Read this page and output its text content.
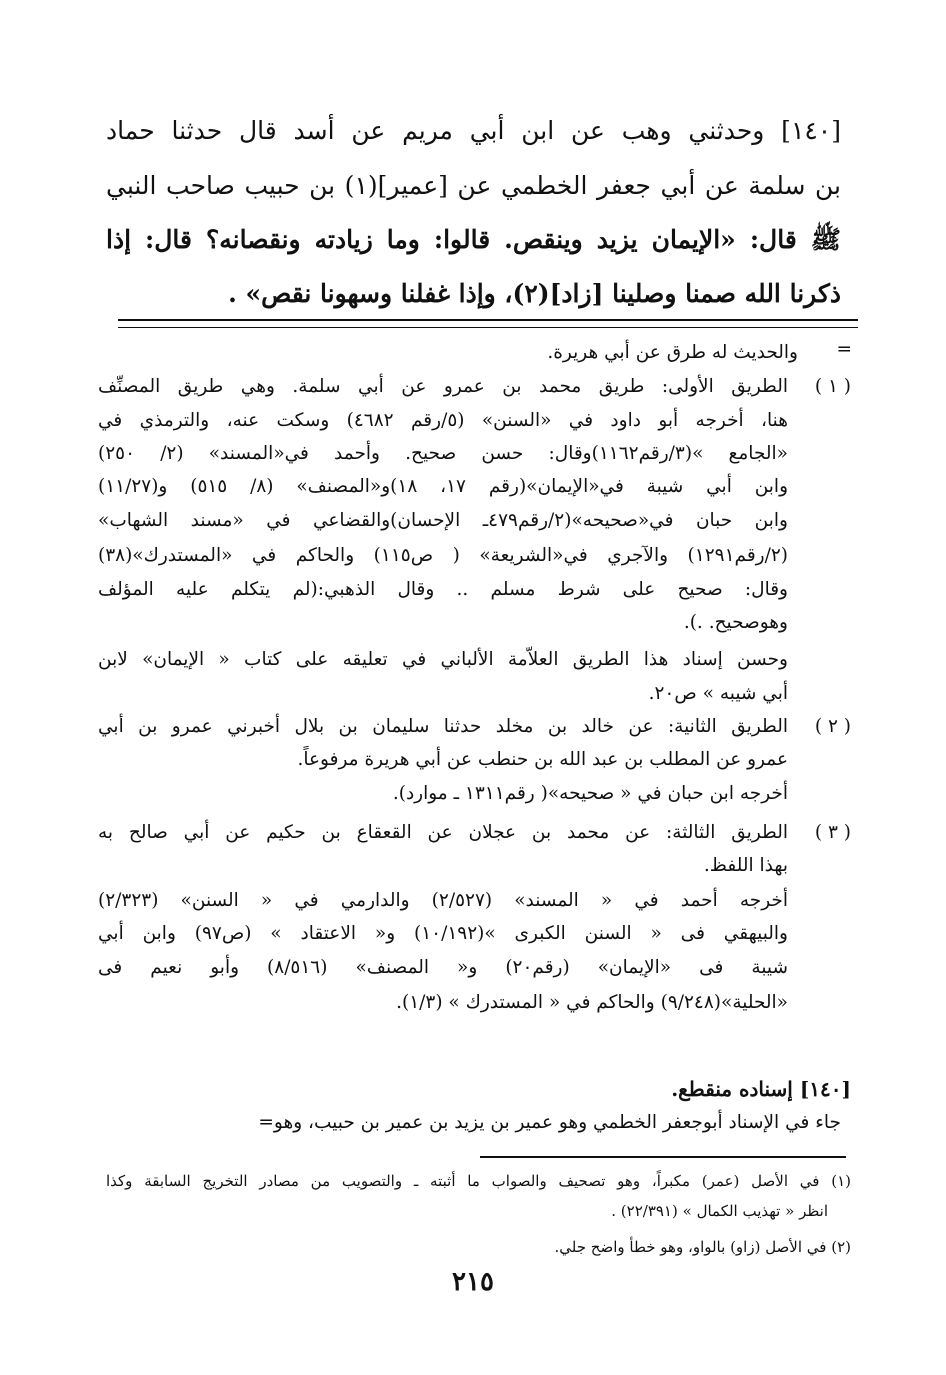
[١٤٠] وحدثني وهب عن ابن أبي مريم عن أسد قال حدثنا حماد
بن سلمة عن أبي جعفر الخطمي عن [عمير](١) بن حبيب صاحب النبي
ﷺ قال: «الإيمان يزيد وينقص. قالوا: وما زيادته ونقصانه؟ قال: إذا
ذكرنا الله صمنا وصلينا [زاد](٢)، وإذا غفلنا وسهونا نقص» .
=
والحديث له طرق عن أبي هريرة.
( ١ )
الطريق الأولى: طريق محمد بن عمرو عن أبي سلمة. وهي طريق المصنِّف
هنا، أخرجه أبو داود في «السنن» (٥/رقم ٤٦٨٢) وسكت عنه، والترمذي في
«الجامع »(٣/رقم١١٦٢)وقال: حسن صحيح. وأحمد في«المسند» (٢/ ٢٥٠)
وابن أبي شيبة في«الإيمان»(رقم ١٧، ١٨)و«المصنف» (٨/ ٥١٥) و(١١/٢٧)
وابن حبان في«صحيحه»(٢/رقم٤٧٩ـ الإحسان)والقضاعي في «مسند الشهاب»
(٢/رقم١٢٩١) والآجري في«الشريعة» ( ص١١٥) والحاكم في «المستدرك»(٣٨)
وقال: صحيح على شرط مسلم .. وقال الذهبي:(لم يتكلم عليه المؤلف
وهوصحيح. .).
وحسن إسناد هذا الطريق العلاّمة الألباني في تعليقه على كتاب « الإيمان» لابن
أبي شيبه » ص٢٠.
( ٢ )
الطريق الثانية: عن خالد بن مخلد حدثنا سليمان بن بلال أخبرني عمرو بن أبي
عمرو عن المطلب بن عبد الله بن حنطب عن أبي هريرة مرفوعاً.
أخرجه ابن حبان في « صحيحه»( رقم١٣١١ ـ موارد).
( ٣ )
الطريق الثالثة: عن محمد بن عجلان عن القعقاع بن حكيم عن أبي صالح به
بهذا اللفظ.
أخرجه أحمد في « المسند» (٢/٥٢٧) والدارمي في « السنن» (٢/٣٢٣)
والبيهقي فى « السنن الكبرى »(١٠/١٩٢) و« الاعتقاد » (ص٩٧) وابن أبي
شيبة فى «الإيمان» (رقم٢٠) و« المصنف» (٨/٥١٦) وأبو نعيم فى
«الحلية»(٩/٢٤٨) والحاكم في « المستدرك » (١/٣).
[١٤٠] إسناده منقطع.
جاء في الإسناد أبوجعفر الخطمي وهو عمير بن يزيد بن عمير بن حبيب، وهو=
(١) في الأصل (عمر) مكبراً، وهو تصحيف والصواب ما أثبته ـ والتصويب من مصادر التخريج السابقة وكذا
انظر « تهذيب الكمال » (٢٢/٣٩١) .
(٢) في الأصل (زاو) بالواو، وهو خطأ واضح جلي.
٢١٥
